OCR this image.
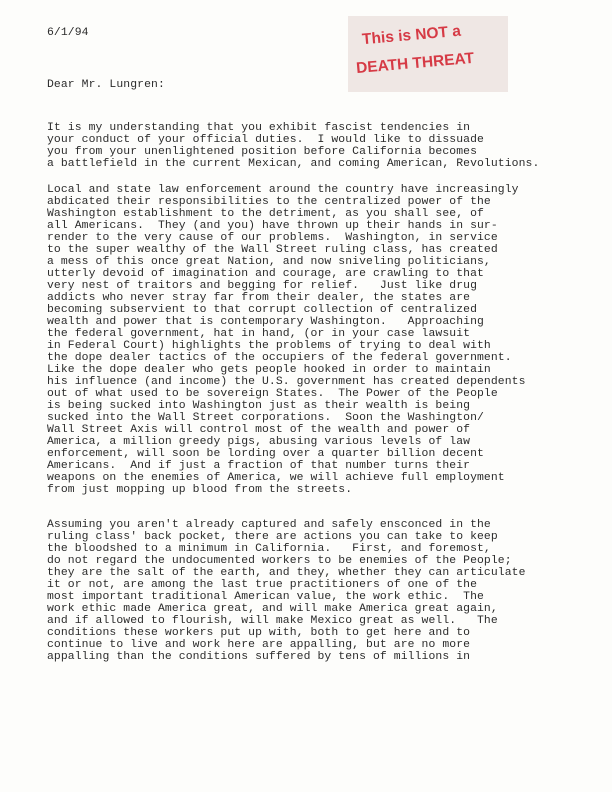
6/1/94	This is NOT a
DEATH THREAT
Dear Mr. Lungren:
It is my understanding that you exhibit fascist tendencies in
your conduct of your official duties.  I would like to dissuade
you from your unenlightened position before California becomes
a battlefield in the current Mexican, and coming American, Revolutions.
Local and state law enforcement around the country have increasingly
abdicated their responsibilities to the centralized power of the
Washington establishment to the detriment, as you shall see, of
all Americans.  They (and you) have thrown up their hands in sur-
render to the very cause of our problems.  Washington, in service
to the super wealthy of the Wall Street ruling class, has created
a mess of this once great Nation, and now sniveling politicians,
utterly devoid of imagination and courage, are crawling to that
very nest of traitors and begging for relief.   Just like drug
addicts who never stray far from their dealer, the states are
becoming subservient to that corrupt collection of centralized
wealth and power that is contemporary Washington.   Approaching
the federal government, hat in hand, (or in your case lawsuit
in Federal Court) highlights the problems of trying to deal with
the dope dealer tactics of the occupiers of the federal government.
Like the dope dealer who gets people hooked in order to maintain
his influence (and income) the U.S. government has created dependents
out of what used to be sovereign States.  The Power of the People
is being sucked into Washington just as their wealth is being
sucked into the Wall Street corporations.  Soon the Washington/
Wall Street Axis will control most of the wealth and power of
America, a million greedy pigs, abusing various levels of law
enforcement, will soon be lording over a quarter billion decent
Americans.  And if just a fraction of that number turns their
weapons on the enemies of America, we will achieve full employment
from just mopping up blood from the streets.
Assuming you aren't already captured and safely ensconced in the
ruling class' back pocket, there are actions you can take to keep
the bloodshed to a minimum in California.   First, and foremost,
do not regard the undocumented workers to be enemies of the People;
they are the salt of the earth, and they, whether they can articulate
it or not, are among the last true practitioners of one of the
most important traditional American value, the work ethic.  The
work ethic made America great, and will make America great again,
and if allowed to flourish, will make Mexico great as well.   The
conditions these workers put up with, both to get here and to
continue to live and work here are appalling, but are no more
appalling than the conditions suffered by tens of millions in
